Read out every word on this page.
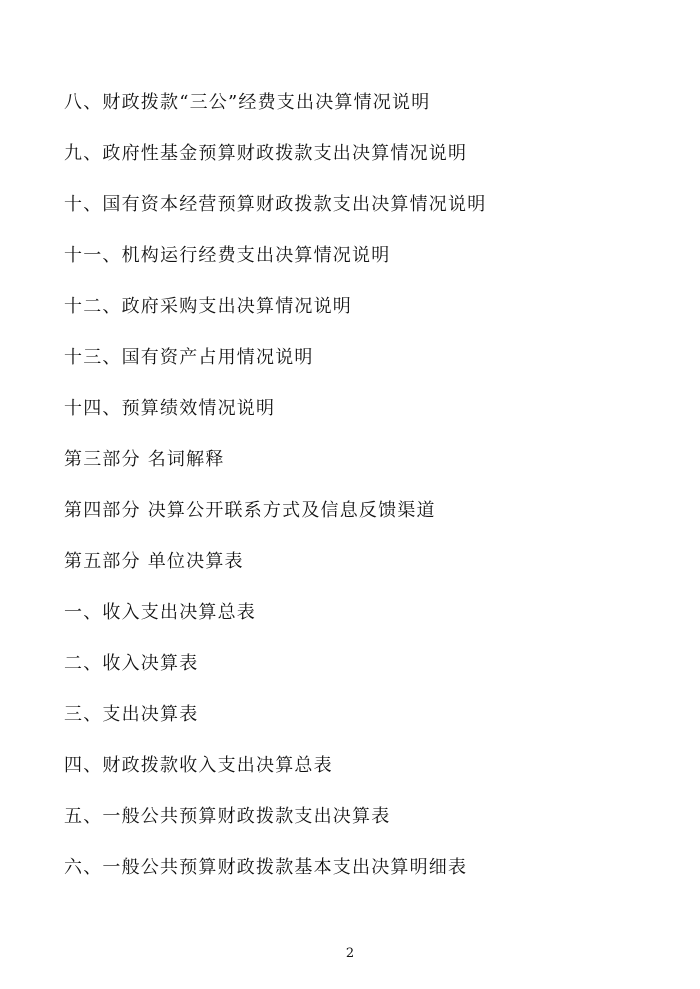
八、财政拨款“三公”经费支出决算情况说明
九、政府性基金预算财政拨款支出决算情况说明
十、国有资本经营预算财政拨款支出决算情况说明
十一、机构运行经费支出决算情况说明
十二、政府采购支出决算情况说明
十三、国有资产占用情况说明
十四、预算绩效情况说明
第三部分 名词解释
第四部分 决算公开联系方式及信息反馈渠道
第五部分 单位决算表
一、收入支出决算总表
二、收入决算表
三、支出决算表
四、财政拨款收入支出决算总表
五、一般公共预算财政拨款支出决算表
六、一般公共预算财政拨款基本支出决算明细表
2
